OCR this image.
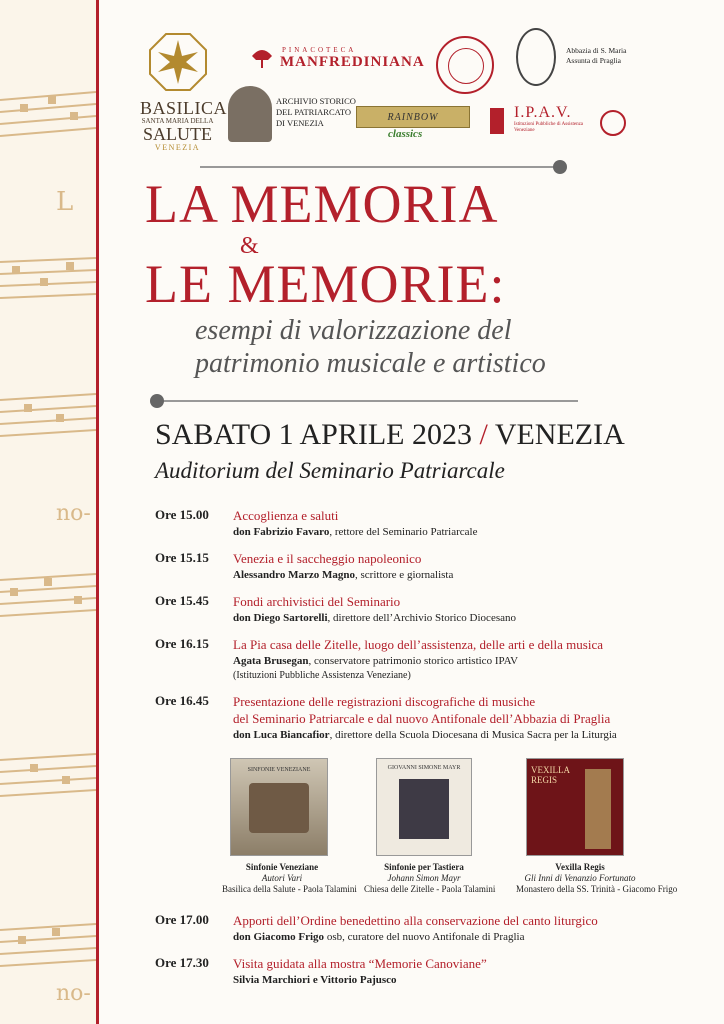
no-
no-
L
BASILICA
SANTA MARIA DELLA
SALUTE
VENEZIA
PINACOTECA
MANFREDINIANA
ARCHIVIO STORICO DEL PATRIARCATO DI VENEZIA	RAINBOW
classics
Abbazia di S. Maria Assunta di Praglia
I.P.A.V.
Istituzioni Pubbliche di Assistenza Veneziane
LA MEMORIA
&
LE MEMORIE:
esempi di valorizzazione del patrimonio musicale e artistico
SABATO 1 APRILE 2023 / VENEZIA
Auditorium del Seminario Patriarcale
Ore 15.00 Accoglienza e saluti
don Fabrizio Favaro, rettore del Seminario Patriarcale
Ore 15.15 Venezia e il saccheggio napoleonico
Alessandro Marzo Magno, scrittore e giornalista
Ore 15.45 Fondi archivistici del Seminario
don Diego Sartorelli, direttore dell’Archivio Storico Diocesano
Ore 16.15 La Pia casa delle Zitelle, luogo dell’assistenza, delle arti e della musica
Agata Brusegan, conservatore patrimonio storico artistico IPAV
(Istituzioni Pubbliche Assistenza Veneziane)
Ore 16.45 Presentazione delle registrazioni discografiche di musiche
del Seminario Patriarcale e dal nuovo Antifonale dell’Abbazia di Praglia
don Luca Biancafior, direttore della Scuola Diocesana di Musica Sacra per la Liturgia
SINFONIE VENEZIANE
Sinfonie Veneziane
Autori Vari
Basilica della Salute - Paola Talamini
GIOVANNI SIMONE MAYR
Sinfonie per Tastiera
Johann Simon Mayr
Chiesa delle Zitelle - Paola Talamini
VEXILLA REGIS
Vexilla Regis
Gli Inni di Venanzio Fortunato
Monastero della SS. Trinità - Giacomo Frigo
Ore 17.00 Apporti dell’Ordine benedettino alla conservazione del canto liturgico
don Giacomo Frigo osb, curatore del nuovo Antifonale di Praglia
Ore 17.30 Visita guidata alla mostra “Memorie Canoviane”
Silvia Marchiori e Vittorio Pajusco
